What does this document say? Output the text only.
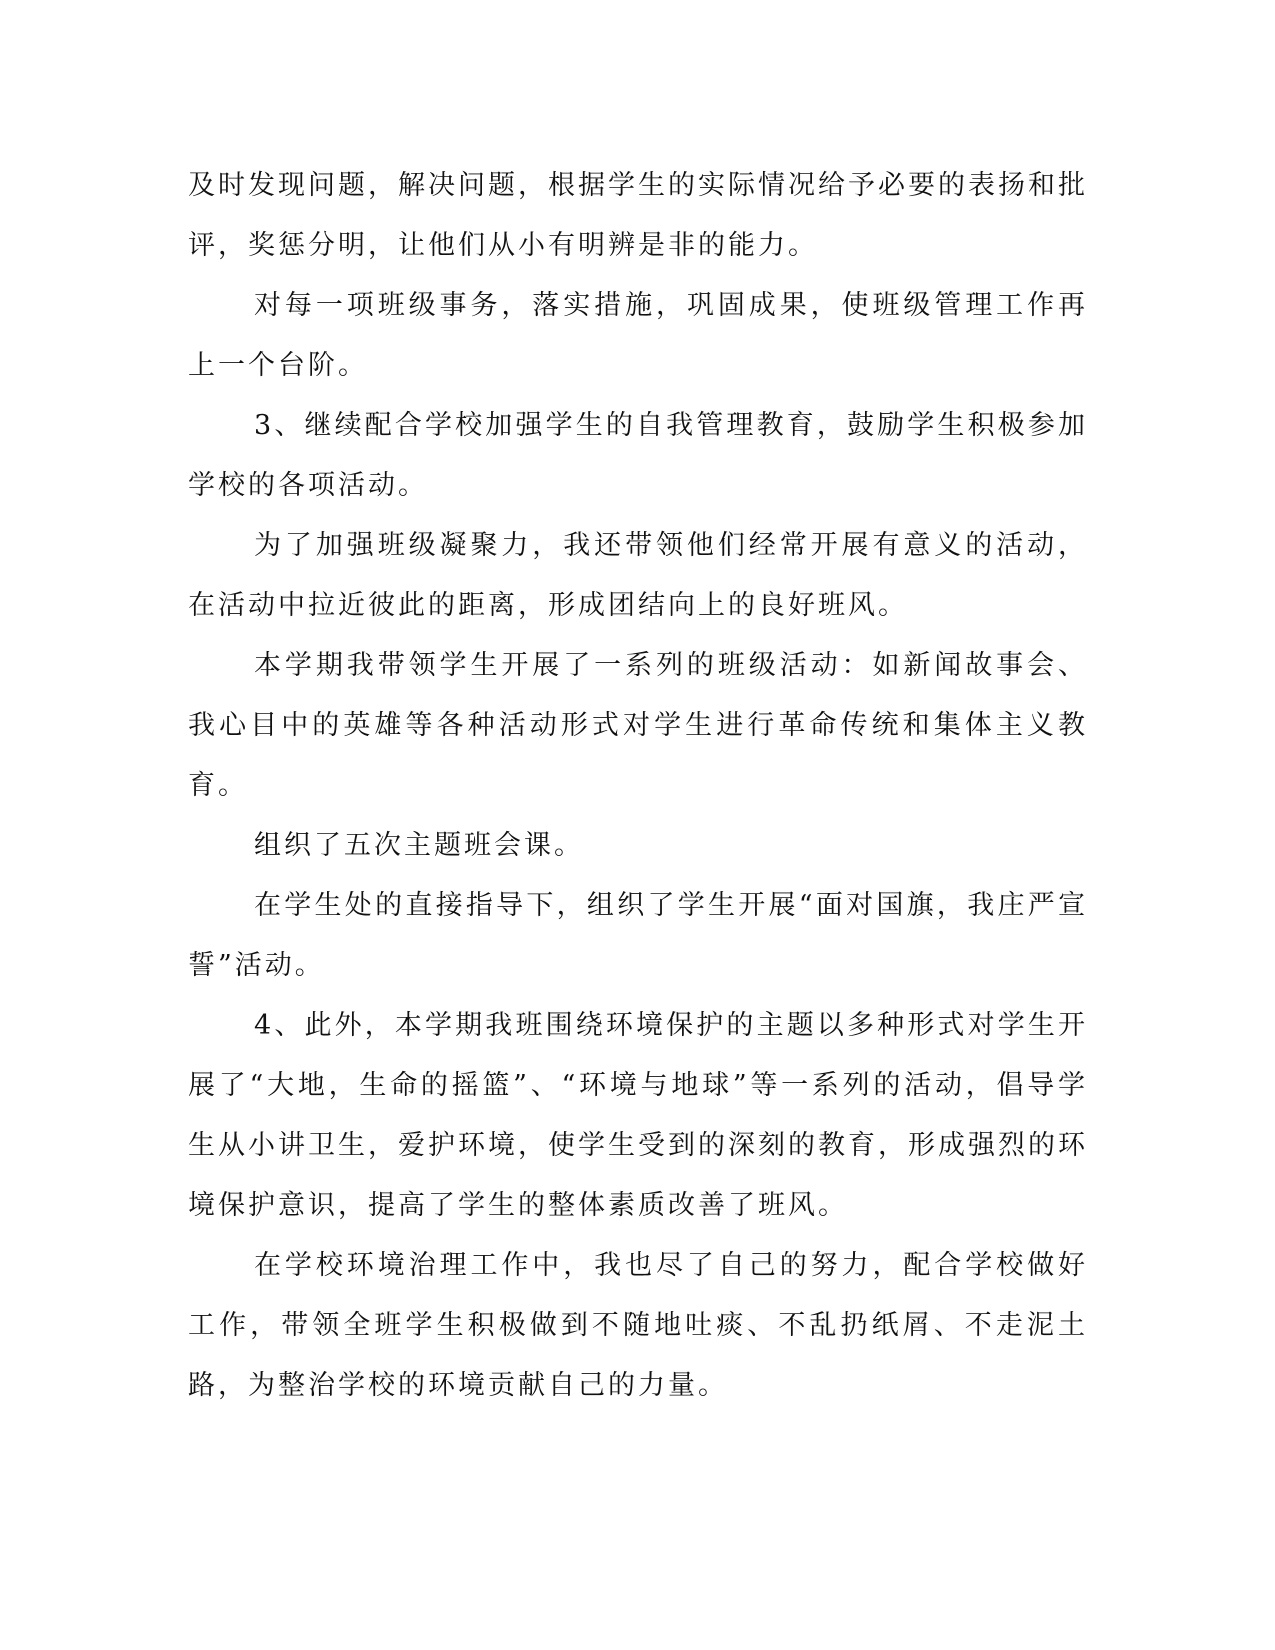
及时发现问题，解决问题，根据学生的实际情况给予必要的表扬和批评，奖惩分明，让他们从小有明辨是非的能力。

对每一项班级事务，落实措施，巩固成果，使班级管理工作再上一个台阶。

3、继续配合学校加强学生的自我管理教育，鼓励学生积极参加学校的各项活动。

为了加强班级凝聚力，我还带领他们经常开展有意义的活动，在活动中拉近彼此的距离，形成团结向上的良好班风。

本学期我带领学生开展了一系列的班级活动：如新闻故事会、我心目中的英雄等各种活动形式对学生进行革命传统和集体主义教育。

组织了五次主题班会课。

在学生处的直接指导下，组织了学生开展“面对国旗，我庄严宣誓”活动。

4、此外，本学期我班围绕环境保护的主题以多种形式对学生开展了“大地，生命的摇篮”、“环境与地球”等一系列的活动，倡导学生从小讲卫生，爱护环境，使学生受到的深刻的教育，形成强烈的环境保护意识，提高了学生的整体素质改善了班风。

在学校环境治理工作中，我也尽了自己的努力，配合学校做好工作，带领全班学生积极做到不随地吐痰、不乱扔纸屑、不走泥土路，为整治学校的环境贡献自己的力量。
